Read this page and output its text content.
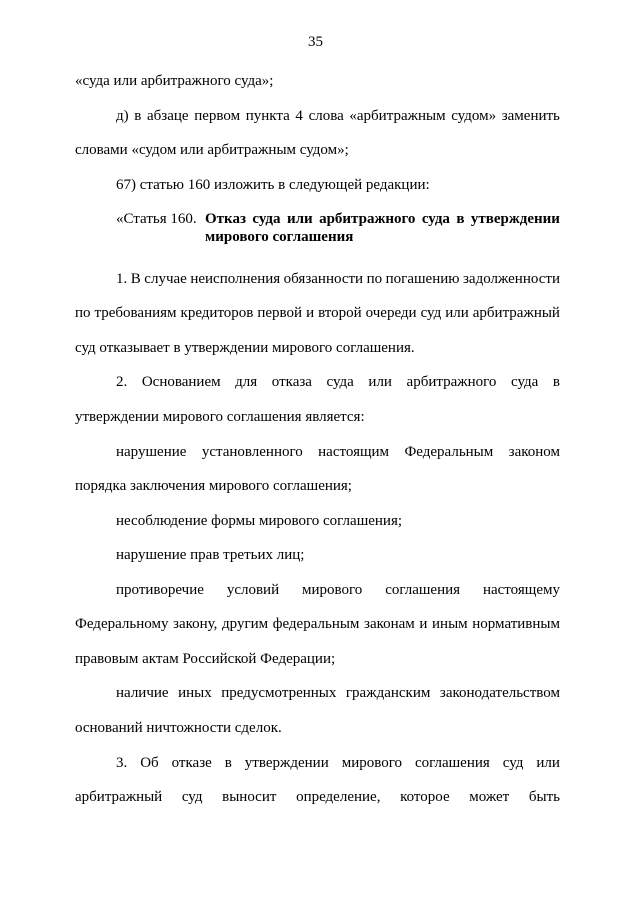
35
«суда или арбитражного суда»;
д) в абзаце первом пункта 4 слова «арбитражным судом» заменить
словами «судом или арбитражным судом»;
67) статью 160 изложить в следующей редакции:
«Статья 160. Отказ суда или арбитражного суда в утверждении
мирового соглашения
1. В случае неисполнения обязанности по погашению задолженности
по требованиям кредиторов первой и второй очереди суд или арбитражный
суд отказывает в утверждении мирового соглашения.
2. Основанием для отказа суда или арбитражного суда в
утверждении мирового соглашения является:
нарушение установленного настоящим Федеральным законом
порядка заключения мирового соглашения;
несоблюдение формы мирового соглашения;
нарушение прав третьих лиц;
противоречие условий мирового соглашения настоящему
Федеральному закону, другим федеральным законам и иным нормативным
правовым актам Российской Федерации;
наличие иных предусмотренных гражданским законодательством
оснований ничтожности сделок.
3. Об отказе в утверждении мирового соглашения суд или
арбитражный суд выносит определение, которое может быть
